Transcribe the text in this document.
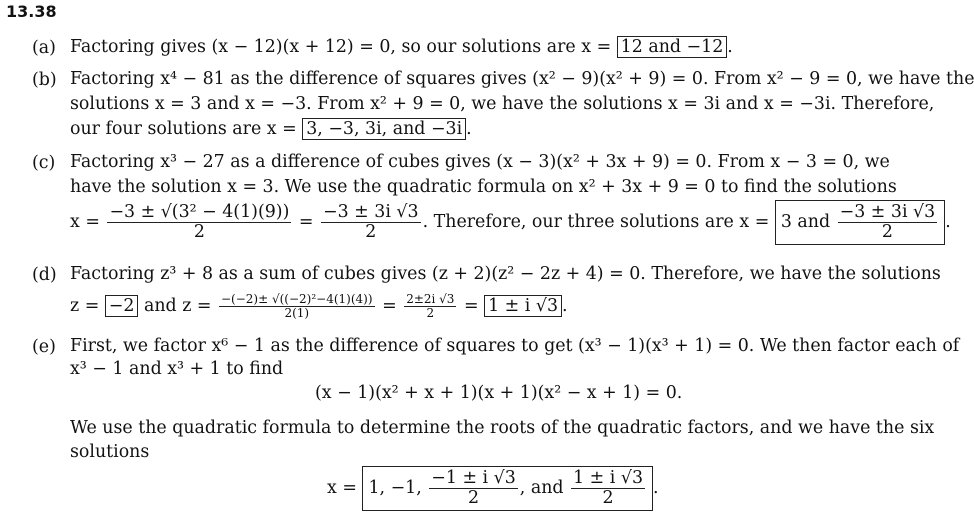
13.38
(a) Factoring gives (x − 12)(x + 12) = 0, so our solutions are x = 12 and −12 .
(b) Factoring x⁴ − 81 as the difference of squares gives (x² − 9)(x² + 9) = 0. From x² − 9 = 0, we have the
solutions x = 3 and x = −3. From x² + 9 = 0, we have the solutions x = 3i and x = −3i. Therefore,
our four solutions are x = 3, −3, 3i, and −3i .
(c) Factoring x³ − 27 as a difference of cubes gives (x − 3)(x² + 3x + 9) = 0. From x − 3 = 0, we
have the solution x = 3. We use the quadratic formula on x² + 3x + 9 = 0 to find the solutions
$x = \frac{\text{−3 ± √(3² − 4(1)(9))}}{2} = \frac{-3 \pm 3i √3}{2}$ . Therefore, our three solutions are x = 3 and $\frac{-3 \pm 3i √3}{2}$ .
(d) Factoring z³ + 8 as a sum of cubes gives (z + 2)(z² − 2z + 4) = 0. Therefore, we have the solutions
z = −2 and $z = \frac{\text{−(−2)± √((−2)²−4(1)(4))}}{2(1)} = \frac{2\pm 2i √3}{2} = 1 \pm i$ √3 .
(e) First, we factor x⁶ − 1 as the difference of squares to get (x³ − 1)(x³ + 1) = 0. We then factor each of
x³ − 1 and x³ + 1 to find
(x − 1)(x² + x + 1)(x + 1)(x² − x + 1) = 0.
We use the quadratic formula to determine the roots of the quadratic factors, and we have the six
solutions
x = 1, −1, $\frac{-1 \pm i √3}{2}$ , and $\frac{1 \pm i √3}{2}$ .
